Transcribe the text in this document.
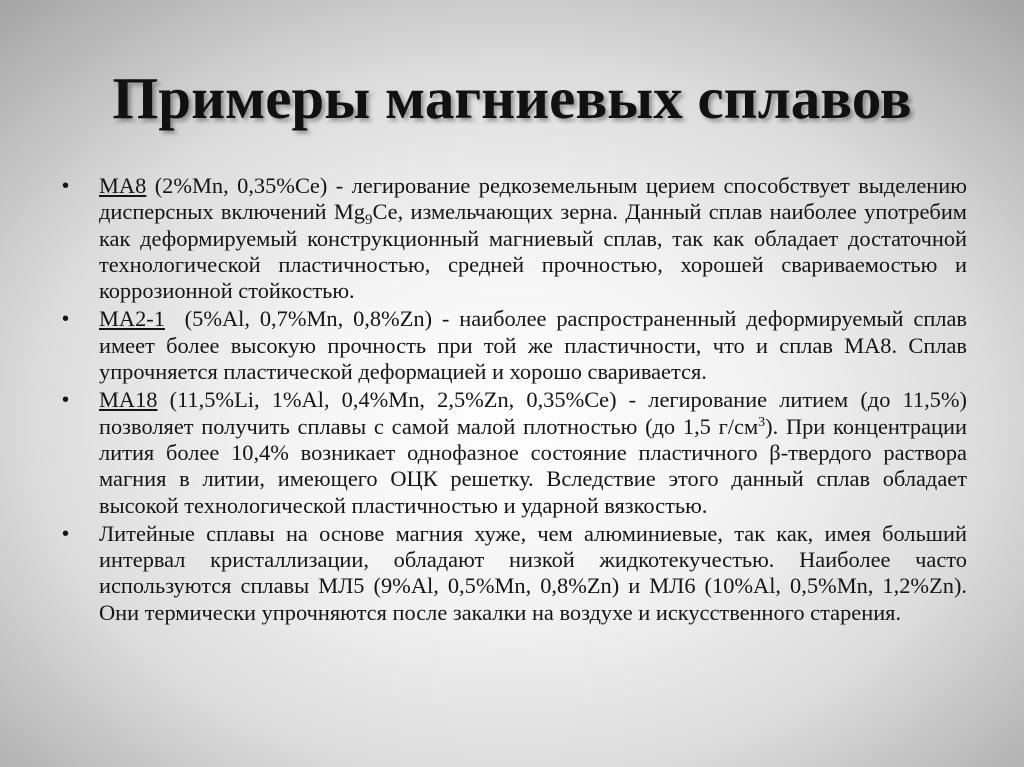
Примеры магниевых сплавов
•	МА8 (2%Mn, 0,35%Ce) - легирование редкоземельным церием способствует выделению дисперсных включений $Mg_9Се$, измельчающих зерна. Данный сплав наиболее употребим как деформируемый конструкционный магниевый сплав, так как обладает достаточной технологической пластичностью, средней прочностью, хорошей свариваемостью и коррозионной стойкостью.
•	МА2-1  (5%Al, 0,7%Mn, 0,8%Zn) - наиболее распространенный деформируемый сплав имеет более высокую прочность при той же пластичности, что и сплав МА8. Сплав упрочняется пластической деформацией и хорошо сваривается.
•	МА18 (11,5%Li, 1%Al, 0,4%Mn, 2,5%Zn, 0,35%Ce) - легирование литием (до 11,5%) позволяет получить сплавы с самой малой плотностью (до 1,5 $г/см^3$). При концентрации лития более 10,4% возникает однофазное состояние пластичного β-твердого раствора магния в литии, имеющего ОЦК решетку. Вследствие этого данный сплав обладает высокой технологической пластичностью и ударной вязкостью.
•	Литейные сплавы на основе магния хуже, чем алюминиевые, так как, имея больший интервал кристаллизации, обладают низкой жидкотекучестью. Наиболее часто используются сплавы МЛ5 (9%Al, 0,5%Mn, 0,8%Zn) и МЛ6 (10%Al, 0,5%Mn, 1,2%Zn). Они термически упрочняются после закалки на воздухе и искусственного старения.
